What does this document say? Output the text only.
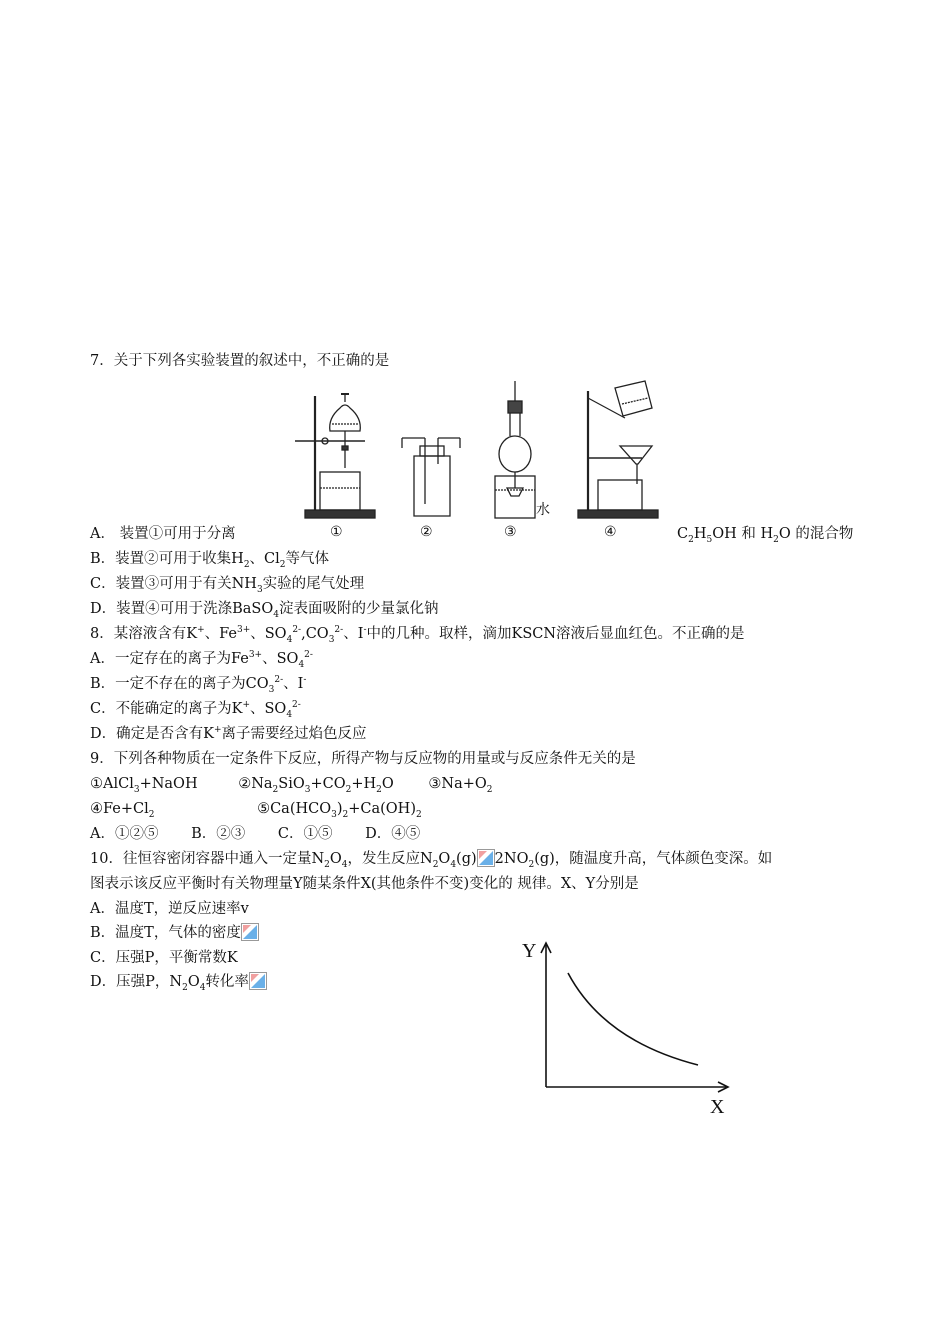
7．关于下列各实验装置的叙述中，不正确的是
水
①	②	③	④
A． 装置①可用于分离	$C_2H_5OH$ 和 $H_2O$ 的混合物
B．装置②可用于收集$H_2$、$Cl_2$等气体
C．装置③可用于有关$NH_3$实验的尾气处理
D．装置④可用于洗涤BaSO$_4$淀表面吸附的少量氯化钠
8．某溶液含有K+、$Fe^{3+}$、$SO_4^{2-},CO_3^{2-}$、I-中的几种。取样，滴加KSCN溶液后显血红色。不正确的是
A．一定存在的离子为$Fe^{3+}$、$SO_4^{2-}$
B．一定不存在的离子为$CO_3^{2-}$、I-
C．不能确定的离子为K+、$SO_4^{2-}$
D．确定是否含有K+离子需要经过焰色反应
9．下列各种物质在一定条件下反应，所得产物与反应物的用量或与反应条件无关的是
①AlCl$_3$+NaOH	$②Na_2SiO_3+CO_2+H_2O$ $③Na+O_2$
$④Fe+Cl_2$	$⑤Ca(HCO_3)_2+Ca(OH)_2$
A．①②⑤ B．②③ C．①⑤ D．④⑤
10．往恒容密闭容器中通入一定量$N_2O_4$，发生反应$N_2O_4(g)$ $2NO_2(g)$，随温度升高，气体颜色变深。如
图表示该反应平衡时有关物理量Y随某条件X(其他条件不变)变化的 规律。X、Y分别是
A．温度T，逆反应速率v
B．温度T，气体的密度
C．压强P，平衡常数K
D．压强P，$N_2O_4$转化率
Y
X
